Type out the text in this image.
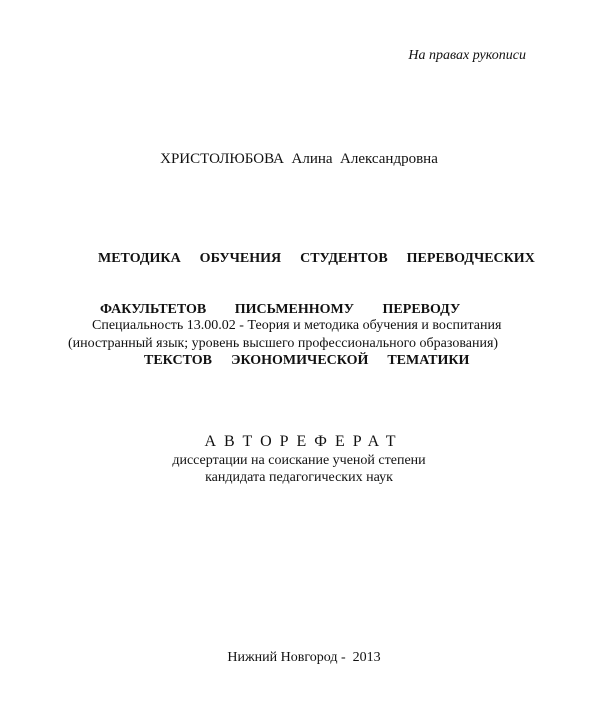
На правах рукописи
ХРИСТОЛЮБОВА  Алина  Александровна

МЕТОДИКА  ОБУЧЕНИЯ  СТУДЕНТОВ  ПЕРЕВОДЧЕСКИХ

ФАКУЛЬТЕТОВ   ПИСЬМЕННОМУ   ПЕРЕВОДУ

ТЕКСТОВ  ЭКОНОМИЧЕСКОЙ  ТЕМАТИКИ

Специальность 13.00.02 - Теория и методика обучения и воспитания
(иностранный язык; уровень высшего профессионального образования)
АВТОРЕФЕРАТ
диссертации на соискание ученой степени
кандидата педагогических наук
Нижний Новгород -  2013
